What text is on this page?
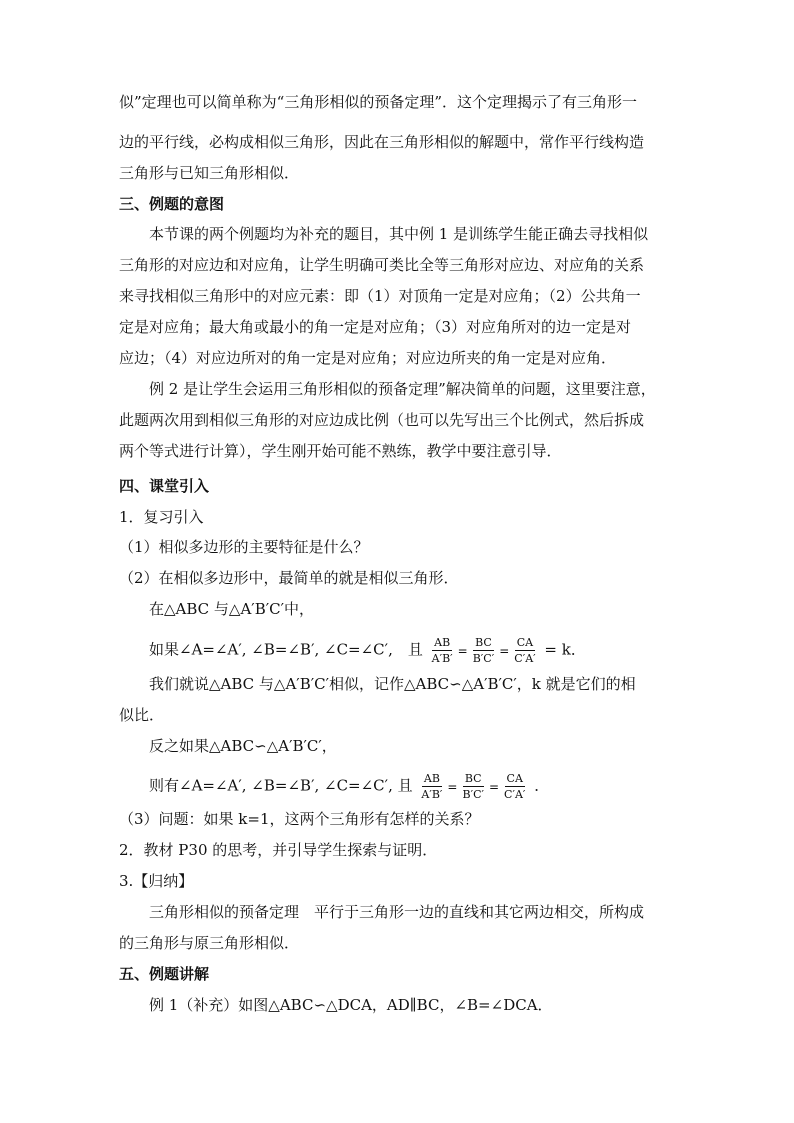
似”定理也可以简单称为“三角形相似的预备定理”．这个定理揭示了有三角形一
边的平行线，必构成相似三角形，因此在三角形相似的解题中，常作平行线构造
三角形与已知三角形相似．
三、例题的意图
本节课的两个例题均为补充的题目，其中例 1 是训练学生能正确去寻找相似
三角形的对应边和对应角，让学生明确可类比全等三角形对应边、对应角的关系
来寻找相似三角形中的对应元素：即（1）对顶角一定是对应角；（2）公共角一
定是对应角；最大角或最小的角一定是对应角；（3）对应角所对的边一定是对
应边；（4）对应边所对的角一定是对应角；对应边所夹的角一定是对应角．
例 2 是让学生会运用三角形相似的预备定理”解决简单的问题，这里要注意，
此题两次用到相似三角形的对应边成比例（也可以先写出三个比例式，然后拆成
两个等式进行计算），学生刚开始可能不熟练，教学中要注意引导．
四、课堂引入
1．复习引入
（1）相似多边形的主要特征是什么？
（2）在相似多边形中，最简单的就是相似三角形．
在△ABC 与△A′B′C′中，
如果∠A=∠A′, ∠B=∠B′, ∠C=∠C′,　且 $\frac{AB}{A'B'} = \frac{BC}{B'C'} = \frac{CA}{C'A'} = k$．
我们就说△ABC 与△A′B′C′相似，记作△ABC∽△A′B′C′，k 就是它们的相
似比．
反之如果△ABC∽△A′B′C′，
则有∠A=∠A′, ∠B=∠B′, ∠C=∠C′, 且 $\frac{AB}{A'B'} = \frac{BC}{B'C'} = \frac{CA}{C'A'}$ ．
（3）问题：如果 k=1，这两个三角形有怎样的关系？
2．教材 P30 的思考，并引导学生探索与证明．
3.【归纳】
三角形相似的预备定理　平行于三角形一边的直线和其它两边相交，所构成
的三角形与原三角形相似．
五、例题讲解
例 1（补充）如图△ABC∽△DCA，AD∥BC，∠B=∠DCA．
